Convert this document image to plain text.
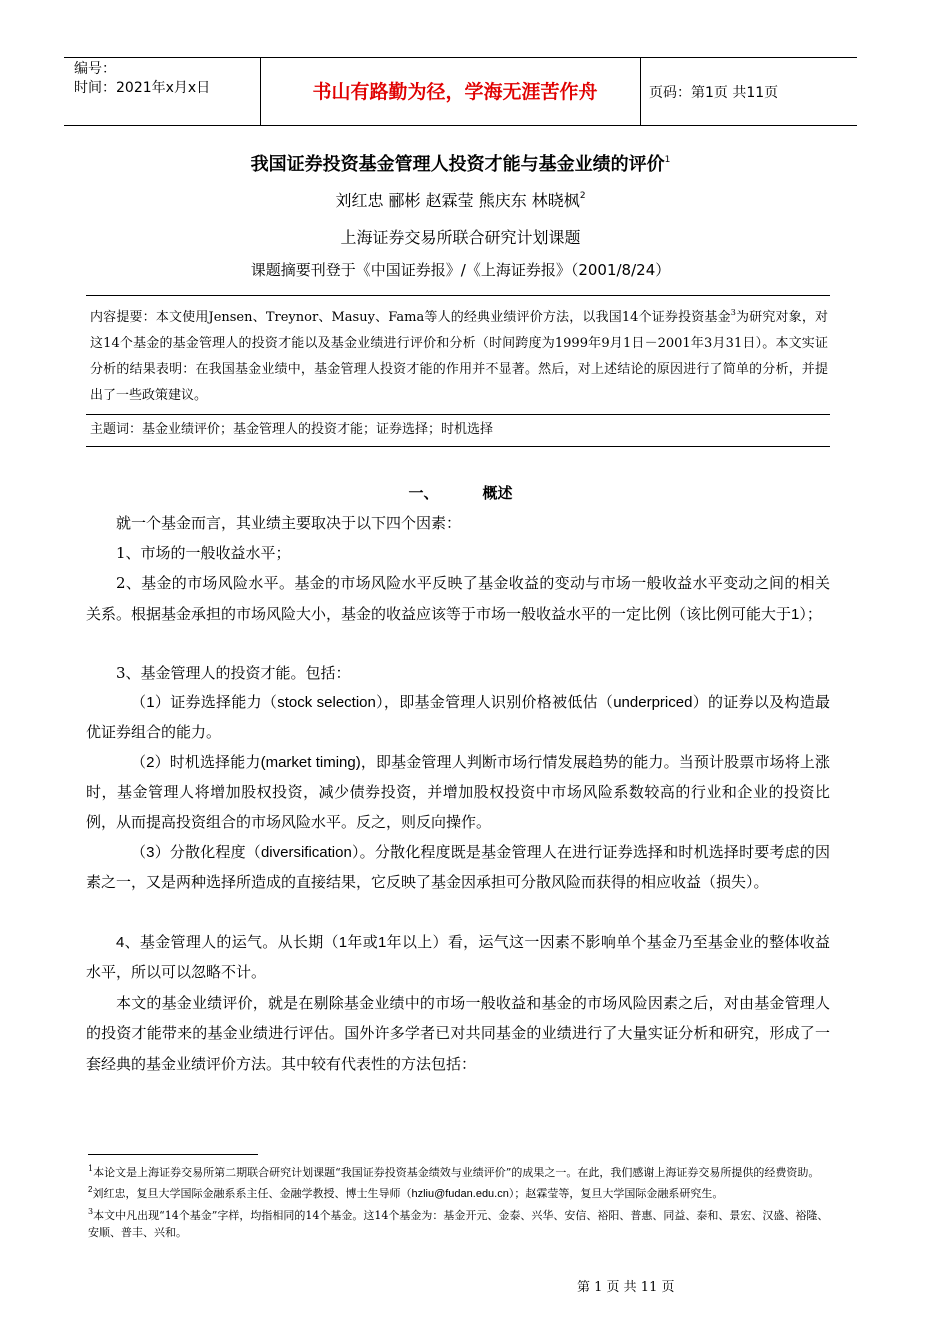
编号：
时间：2021年x月x日	书山有路勤为径，学海无涯苦作舟	页码：第1页 共11页
我国证券投资基金管理人投资才能与基金业绩的评价$^1$
刘红忠 郦彬 赵霖莹 熊庆东 林晓枫$^2$
上海证券交易所联合研究计划课题
课题摘要刊登于《中国证券报》/《上海证券报》（2001/8/24）
内容提要：本文使用Jensen、Treynor、Masuy、Fama等人的经典业绩评价方法，以我国14个证券投资基金$^3$为研究对象，对这14个基金的基金管理人的投资才能以及基金业绩进行评价和分析（时间跨度为1999年9月1日－2001年3月31日）。本文实证分析的结果表明：在我国基金业绩中，基金管理人投资才能的作用并不显著。然后，对上述结论的原因进行了简单的分析，并提出了一些政策建议。
主题词：基金业绩评价；基金管理人的投资才能；证券选择；时机选择
一、	概述
就一个基金而言，其业绩主要取决于以下四个因素：
1、市场的一般收益水平；
2、基金的市场风险水平。基金的市场风险水平反映了基金收益的变动与市场一般收益水平变动之间的相关关系。根据基金承担的市场风险大小，基金的收益应该等于市场一般收益水平的一定比例（该比例可能大于1）；
3、基金管理人的投资才能。包括：
（1）证券选择能力（stock selection），即基金管理人识别价格被低估（underpriced）的证券以及构造最优证券组合的能力。
（2）时机选择能力(market timing)，即基金管理人判断市场行情发展趋势的能力。当预计股票市场将上涨时，基金管理人将增加股权投资，减少债券投资，并增加股权投资中市场风险系数较高的行业和企业的投资比例，从而提高投资组合的市场风险水平。反之，则反向操作。
（3）分散化程度（diversification）。分散化程度既是基金管理人在进行证券选择和时机选择时要考虑的因素之一，又是两种选择所造成的直接结果，它反映了基金因承担可分散风险而获得的相应收益（损失）。
4、基金管理人的运气。从长期（1年或1年以上）看，运气这一因素不影响单个基金乃至基金业的整体收益水平，所以可以忽略不计。
本文的基金业绩评价，就是在剔除基金业绩中的市场一般收益和基金的市场风险因素之后，对由基金管理人的投资才能带来的基金业绩进行评估。国外许多学者已对共同基金的业绩进行了大量实证分析和研究，形成了一套经典的基金业绩评价方法。其中较有代表性的方法包括：
$^1$本论文是上海证券交易所第二期联合研究计划课题“我国证券投资基金绩效与业绩评价”的成果之一。在此，我们感谢上海证券交易所提供的经费资助。
$^2$刘红忠，复旦大学国际金融系系主任、金融学教授、博士生导师（hzliu@fudan.edu.cn）；赵霖莹等，复旦大学国际金融系研究生。
$^3$本文中凡出现“14个基金”字样，均指相同的14个基金。这14个基金为：基金开元、金泰、兴华、安信、裕阳、普惠、同益、泰和、景宏、汉盛、裕隆、安顺、普丰、兴和。
第 1 页 共 11 页
